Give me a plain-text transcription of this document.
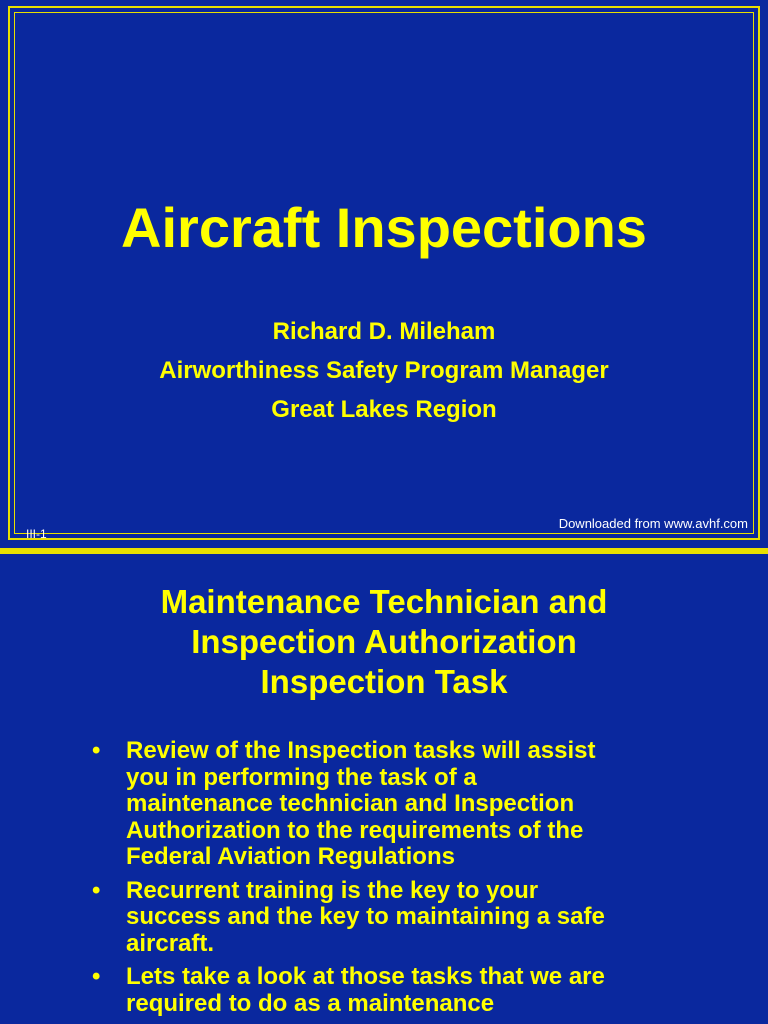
Aircraft Inspections
Richard D. Mileham
Airworthiness Safety Program Manager
Great Lakes Region
III-1
Downloaded from www.avhf.com
Maintenance Technician and
Inspection Authorization
Inspection Task
• Review of the Inspection tasks will assist
you in performing the task of a
maintenance technician and Inspection
Authorization to the requirements of the
Federal Aviation Regulations
• Recurrent training is the key to your
success and the key to maintaining a safe
aircraft.
• Lets take a look at those tasks that we are
required to do as a maintenance
